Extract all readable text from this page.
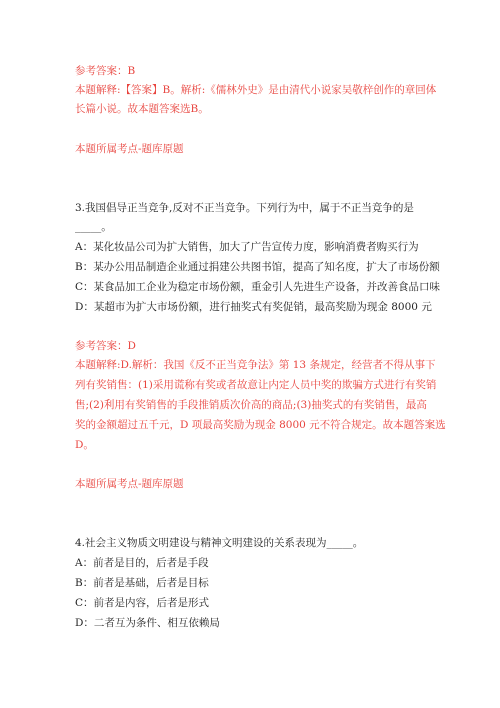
参考答案：B
本题解释:【答案】B。解析:《儒林外史》是由清代小说家吴敬梓创作的章回体
长篇小说。故本题答案选B。
本题所属考点-题库原题
3.我国倡导正当竞争,反对不正当竞争。下列行为中，属于不正当竞争的是
_____。
A：某化妆品公司为扩大销售，加大了广告宣传力度，影响消费者购买行为
B：某办公用品制造企业通过捐建公共图书馆，提高了知名度，扩大了市场份额
C：某食品加工企业为稳定市场份额，重金引人先进生产设备，并改善食品口味
D：某超市为扩大市场份额，进行抽奖式有奖促销，最高奖励为现金 8000 元
参考答案：D
本题解释:D.解析：我国《反不正当竞争法》第 13 条规定，经营者不得从事下
列有奖销售：(1)采用谎称有奖或者故意让内定人员中奖的欺骗方式进行有奖销
售;(2)利用有奖销售的手段推销质次价高的商品;(3)抽奖式的有奖销售，最高
奖的金额超过五千元，D 项最高奖励为现金 8000 元不符合规定。故本题答案选
D。
本题所属考点-题库原题
4.社会主义物质文明建设与精神文明建设的关系表现为_____。
A：前者是目的，后者是手段
B：前者是基础，后者是目标
C：前者是内容，后者是形式
D：二者互为条件、相互依赖局
